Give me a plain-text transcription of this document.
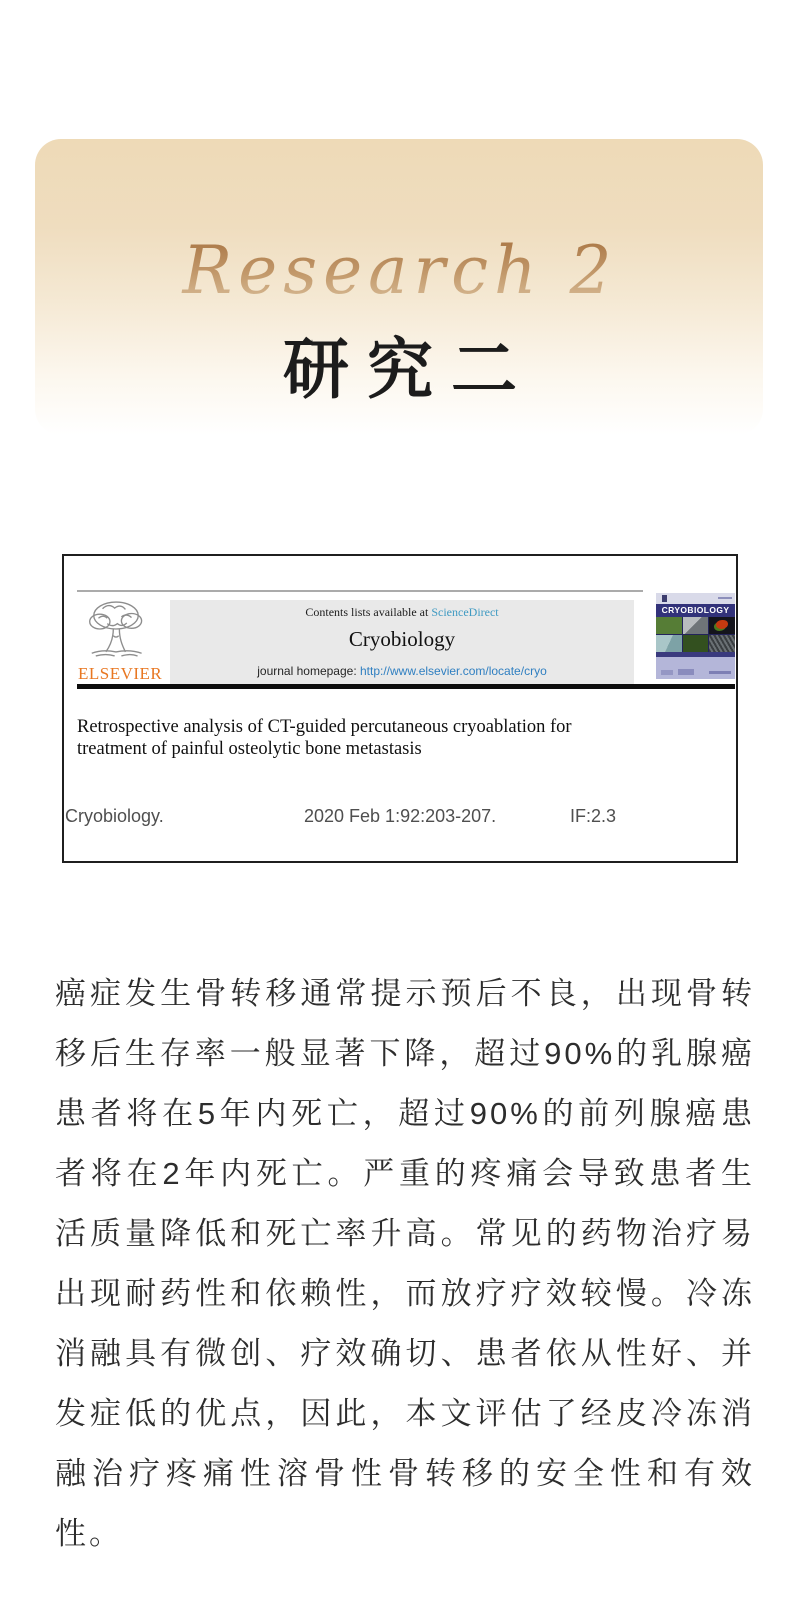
Research 2
研究二
ELSEVIER
Contents lists available at ScienceDirect
Cryobiology
journal homepage: http://www.elsevier.com/locate/cryo
CRYOBIOLOGY
Retrospective analysis of CT-guided percutaneous cryoablation for treatment of painful osteolytic bone metastasis
Cryobiology.	2020 Feb 1:92:203-207.	IF:2.3
癌症发生骨转移通常提示预后不良，出现骨转移后生存率一般显著下降，超过90%的乳腺癌患者将在5年内死亡，超过90%的前列腺癌患者将在2年内死亡。严重的疼痛会导致患者生活质量降低和死亡率升高。常见的药物治疗易出现耐药性和依赖性，而放疗疗效较慢。冷冻消融具有微创、疗效确切、患者依从性好、并发症低的优点，因此，本文评估了经皮冷冻消融治疗疼痛性溶骨性骨转移的安全性和有效性。
